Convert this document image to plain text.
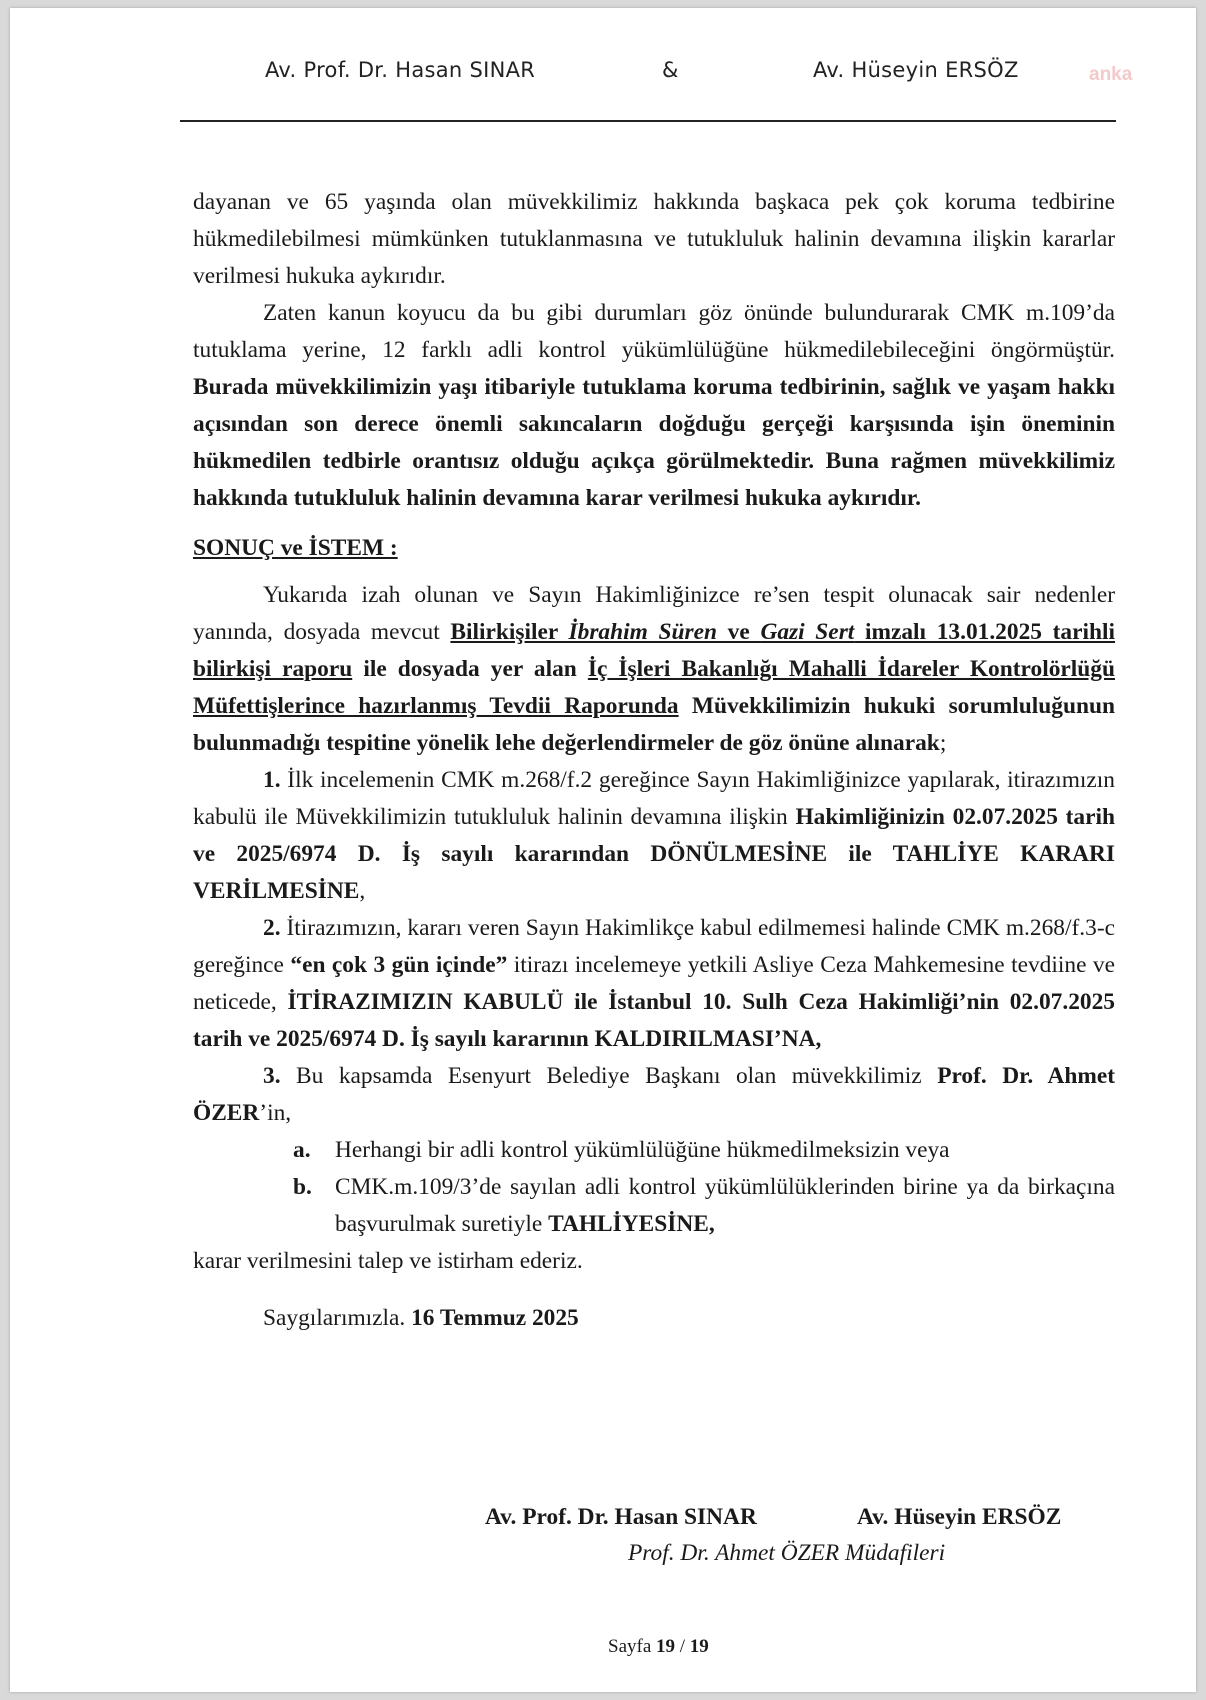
Av. Prof. Dr. Hasan SINAR	&	Av. Hüseyin ERSÖZ	anka

dayanan ve 65 yaşında olan müvekkilimiz hakkında başkaca pek çok koruma tedbirine hükmedilebilmesi mümkünken tutuklanmasına ve tutukluluk halinin devamına ilişkin kararlar verilmesi hukuka aykırıdır.

Zaten kanun koyucu da bu gibi durumları göz önünde bulundurarak CMK m.109’da tutuklama yerine, 12 farklı adli kontrol yükümlülüğüne hükmedilebileceğini öngörmüştür. Burada müvekkilimizin yaşı itibariyle tutuklama koruma tedbirinin, sağlık ve yaşam hakkı açısından son derece önemli sakıncaların doğduğu gerçeği karşısında işin öneminin hükmedilen tedbirle orantısız olduğu açıkça görülmektedir. Buna rağmen müvekkilimiz hakkında tutukluluk halinin devamına karar verilmesi hukuka aykırıdır.

SONUÇ ve İSTEM :

Yukarıda izah olunan ve Sayın Hakimliğinizce re’sen tespit olunacak sair nedenler yanında, dosyada mevcut Bilirkişiler İbrahim Süren ve Gazi Sert imzalı 13.01.2025 tarihli bilirkişi raporu ile dosyada yer alan İç İşleri Bakanlığı Mahalli İdareler Kontrolörlüğü Müfettişlerince hazırlanmış Tevdii Raporunda Müvekkilimizin hukuki sorumluluğunun bulunmadığı tespitine yönelik lehe değerlendirmeler de göz önüne alınarak;

1. İlk incelemenin CMK m.268/f.2 gereğince Sayın Hakimliğinizce yapılarak, itirazımızın kabulü ile Müvekkilimizin tutukluluk halinin devamına ilişkin Hakimliğinizin 02.07.2025 tarih ve 2025/6974 D. İş sayılı kararından DÖNÜLMESİNE ile TAHLİYE KARARI VERİLMESİNE,

2. İtirazımızın, kararı veren Sayın Hakimlikçe kabul edilmemesi halinde CMK m.268/f.3-c gereğince “en çok 3 gün içinde” itirazı incelemeye yetkili Asliye Ceza Mahkemesine tevdiine ve neticede, İTİRAZIMIZIN KABULÜ ile İstanbul 10. Sulh Ceza Hakimliği’nin 02.07.2025 tarih ve 2025/6974 D. İş sayılı kararının KALDIRILMASI’NA,

3. Bu kapsamda Esenyurt Belediye Başkanı olan müvekkilimiz Prof. Dr. Ahmet ÖZER’in,

a. Herhangi bir adli kontrol yükümlülüğüne hükmedilmeksizin veya

b. CMK.m.109/3’de sayılan adli kontrol yükümlülüklerinden birine ya da birkaçına başvurulmak suretiyle TAHLİYESİNE,

karar verilmesini talep ve istirham ederiz.

Saygılarımızla. 16 Temmuz 2025

Av. Prof. Dr. Hasan SINAR	Av. Hüseyin ERSÖZ
Prof. Dr. Ahmet ÖZER Müdafileri
Sayfa 19 / 19
